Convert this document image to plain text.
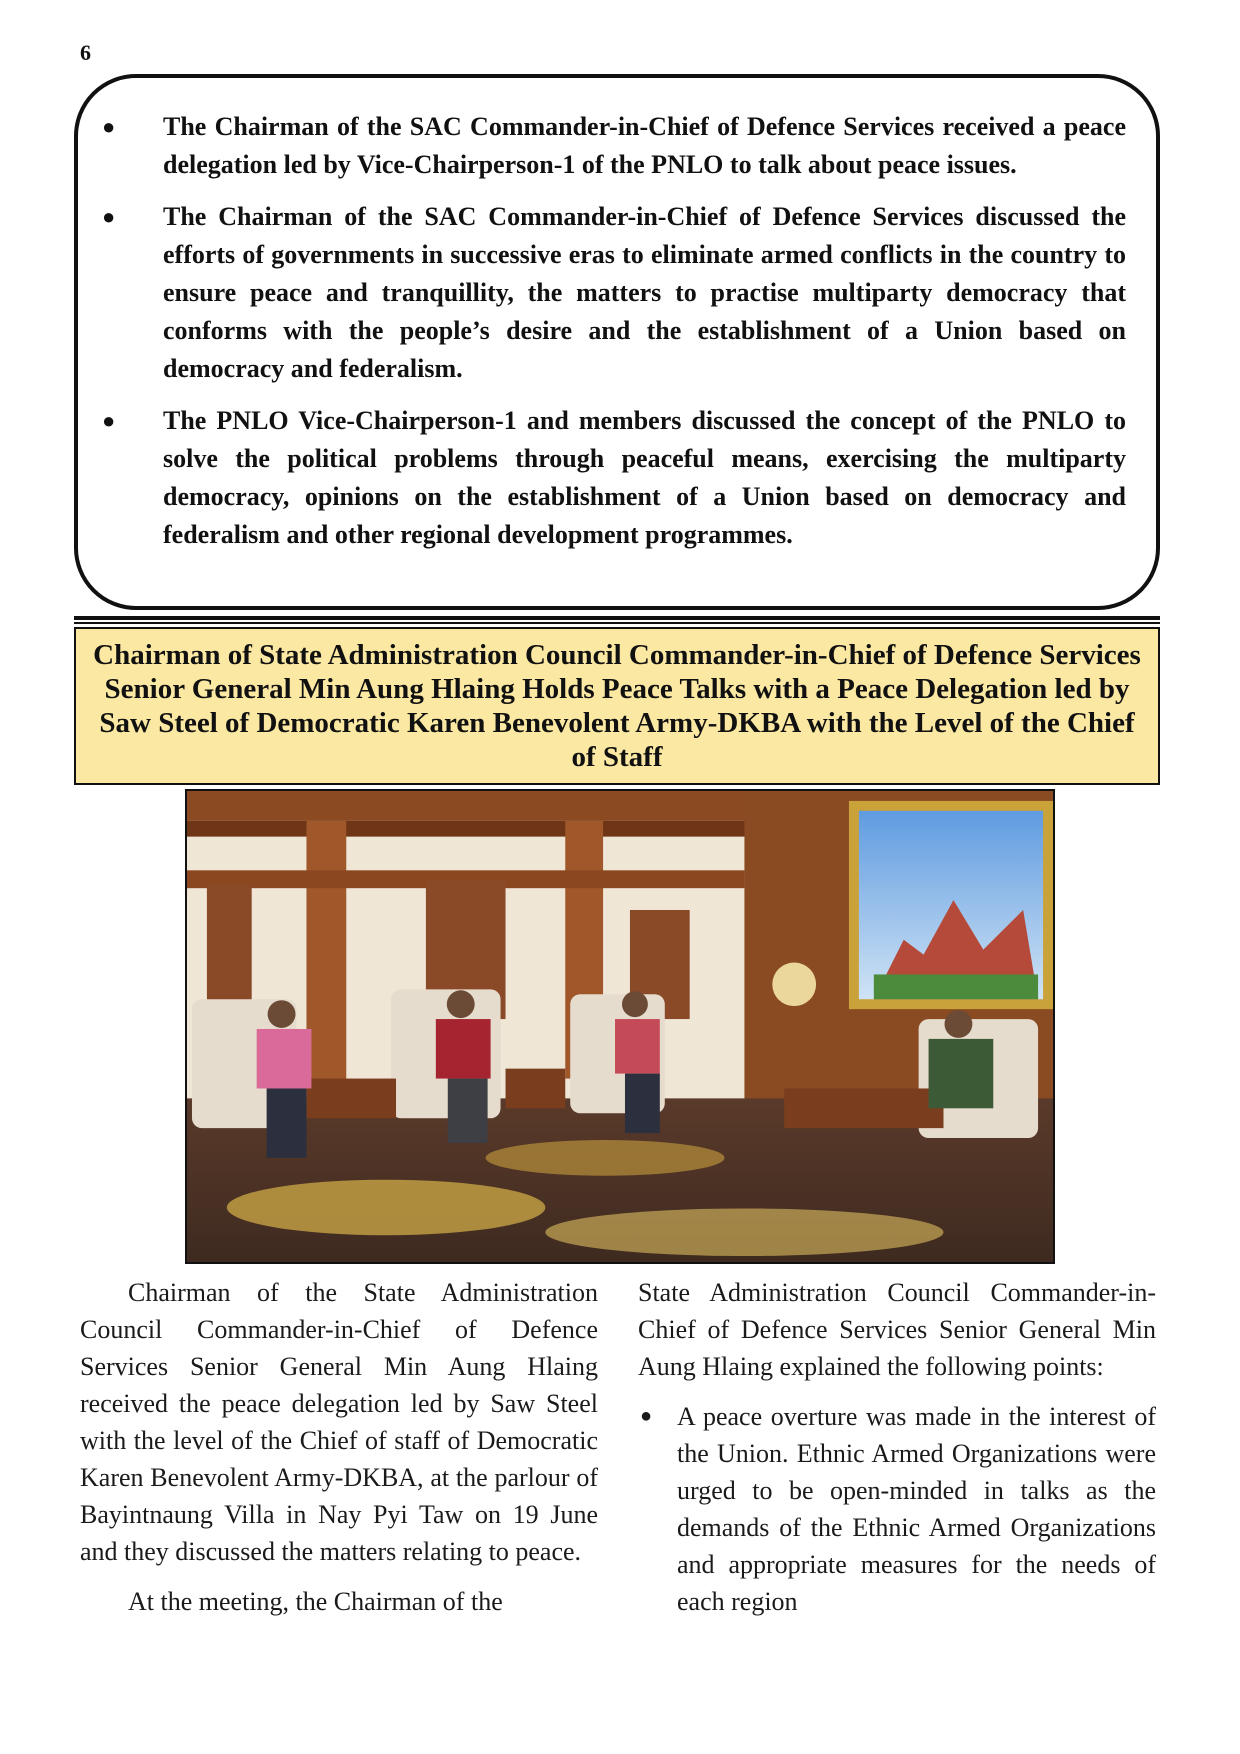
6
● The Chairman of the SAC Commander-in-Chief of Defence Services received a peace delegation led by Vice-Chairperson-1 of the PNLO to talk about peace issues.
● The Chairman of the SAC Commander-in-Chief of Defence Services discussed the efforts of governments in successive eras to eliminate armed conflicts in the country to ensure peace and tranquillity, the matters to practise multiparty democracy that conforms with the people’s desire and the establishment of a Union based on democracy and federalism.
● The PNLO Vice-Chairperson-1 and members discussed the concept of the PNLO to solve the political problems through peaceful means, exercising the multiparty democracy, opinions on the establishment of a Union based on democracy and federalism and other regional development programmes.
Chairman of State Administration Council Commander-in-Chief of Defence Services Senior General Min Aung Hlaing Holds Peace Talks with a Peace Delegation led by Saw Steel of Democratic Karen Benevolent Army-DKBA with the Level of the Chief of Staff

Chairman of the State Administration Council Commander-in-Chief of Defence Services Senior General Min Aung Hlaing received the peace delegation led by Saw Steel with the level of the Chief of staff of Democratic Karen Benevolent Army-DKBA, at the parlour of Bayintnaung Villa in Nay Pyi Taw on 19 June and they discussed the matters relating to peace.

At the meeting, the Chairman of the

State Administration Council Commander-in-Chief of Defence Services Senior General Min Aung Hlaing explained the following points:

● A peace overture was made in the interest of the Union. Ethnic Armed Organizations were urged to be open-minded in talks as the demands of the Ethnic Armed Organizations and appropriate measures for the needs of each region
